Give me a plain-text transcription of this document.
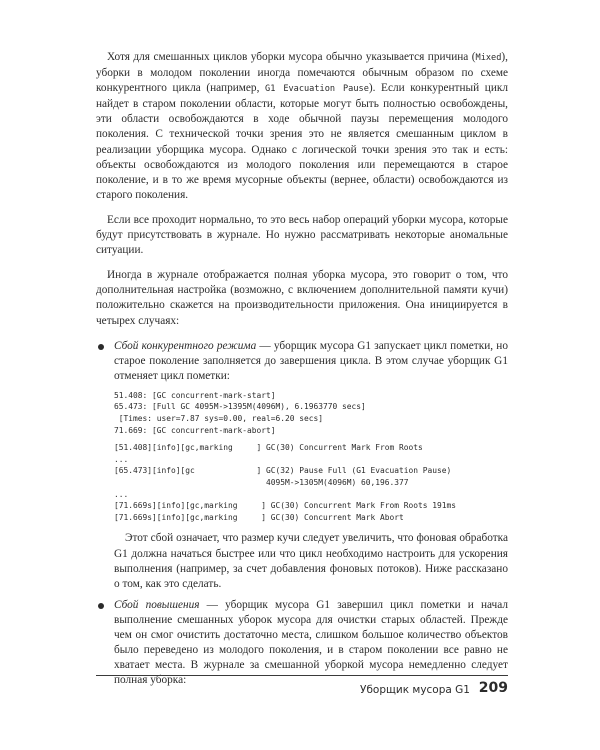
Хотя для смешанных циклов уборки мусора обычно указывается причина (Mixed), уборки в молодом поколении иногда помечаются обычным образом по схеме конкурентного цикла (например, G1 Evacuation Pause). Если конкурентный цикл найдет в старом поколении области, которые могут быть полностью освобождены, эти области освобождаются в ходе обычной паузы перемещения молодого поколения. С технической точки зрения это не является смешанным циклом в реализации уборщика мусора. Однако с логической точки зрения это так и есть: объекты освобождаются из молодого поколения или перемещаются в старое поколение, и в то же время мусорные объекты (вернее, области) освобождаются из старого поколения.

Если все проходит нормально, то это весь набор операций уборки мусора, которые будут присутствовать в журнале. Но нужно рассматривать некоторые аномальные ситуации.

Иногда в журнале отображается полная уборка мусора, это говорит о том, что дополнительная настройка (возможно, с включением дополнительной памяти кучи) положительно скажется на производительности приложения. Она инициируется в четырех случаях:

Сбой конкурентного режима — уборщик мусора G1 запускает цикл пометки, но старое поколение заполняется до завершения цикла. В этом случае уборщик G1 отменяет цикл пометки:

51.408: [GC concurrent-mark-start]
65.473: [Full GC 4095M->1395M(4096M), 6.1963770 secs]
[Times: user=7.87 sys=0.00, real=6.20 secs]
71.669: [GC concurrent-mark-abort]
[51.408][info][gc,marking     ] GC(30) Concurrent Mark From Roots
...
[65.473][info][gc             ] GC(32) Pause Full (G1 Evacuation Pause)
4095M->1305M(4096M) 60,196.377
...
[71.669s][info][gc,marking     ] GC(30) Concurrent Mark From Roots 191ms
[71.669s][info][gc,marking     ] GC(30) Concurrent Mark Abort

Этот сбой означает, что размер кучи следует увеличить, что фоновая обработка G1 должна начаться быстрее или что цикл необходимо настроить для ускорения выполнения (например, за счет добавления фоновых потоков). Ниже рассказано о том, как это сделать.

Сбой повышения — уборщик мусора G1 завершил цикл пометки и начал выполнение смешанных уборок мусора для очистки старых областей. Прежде чем он смог очистить достаточно места, слишком большое количество объектов было переведено из молодого поколения, и в старом поколении все равно не хватает места. В журнале за смешанной уборкой мусора немедленно следует полная уборка:

Уборщик мусора G1 209
